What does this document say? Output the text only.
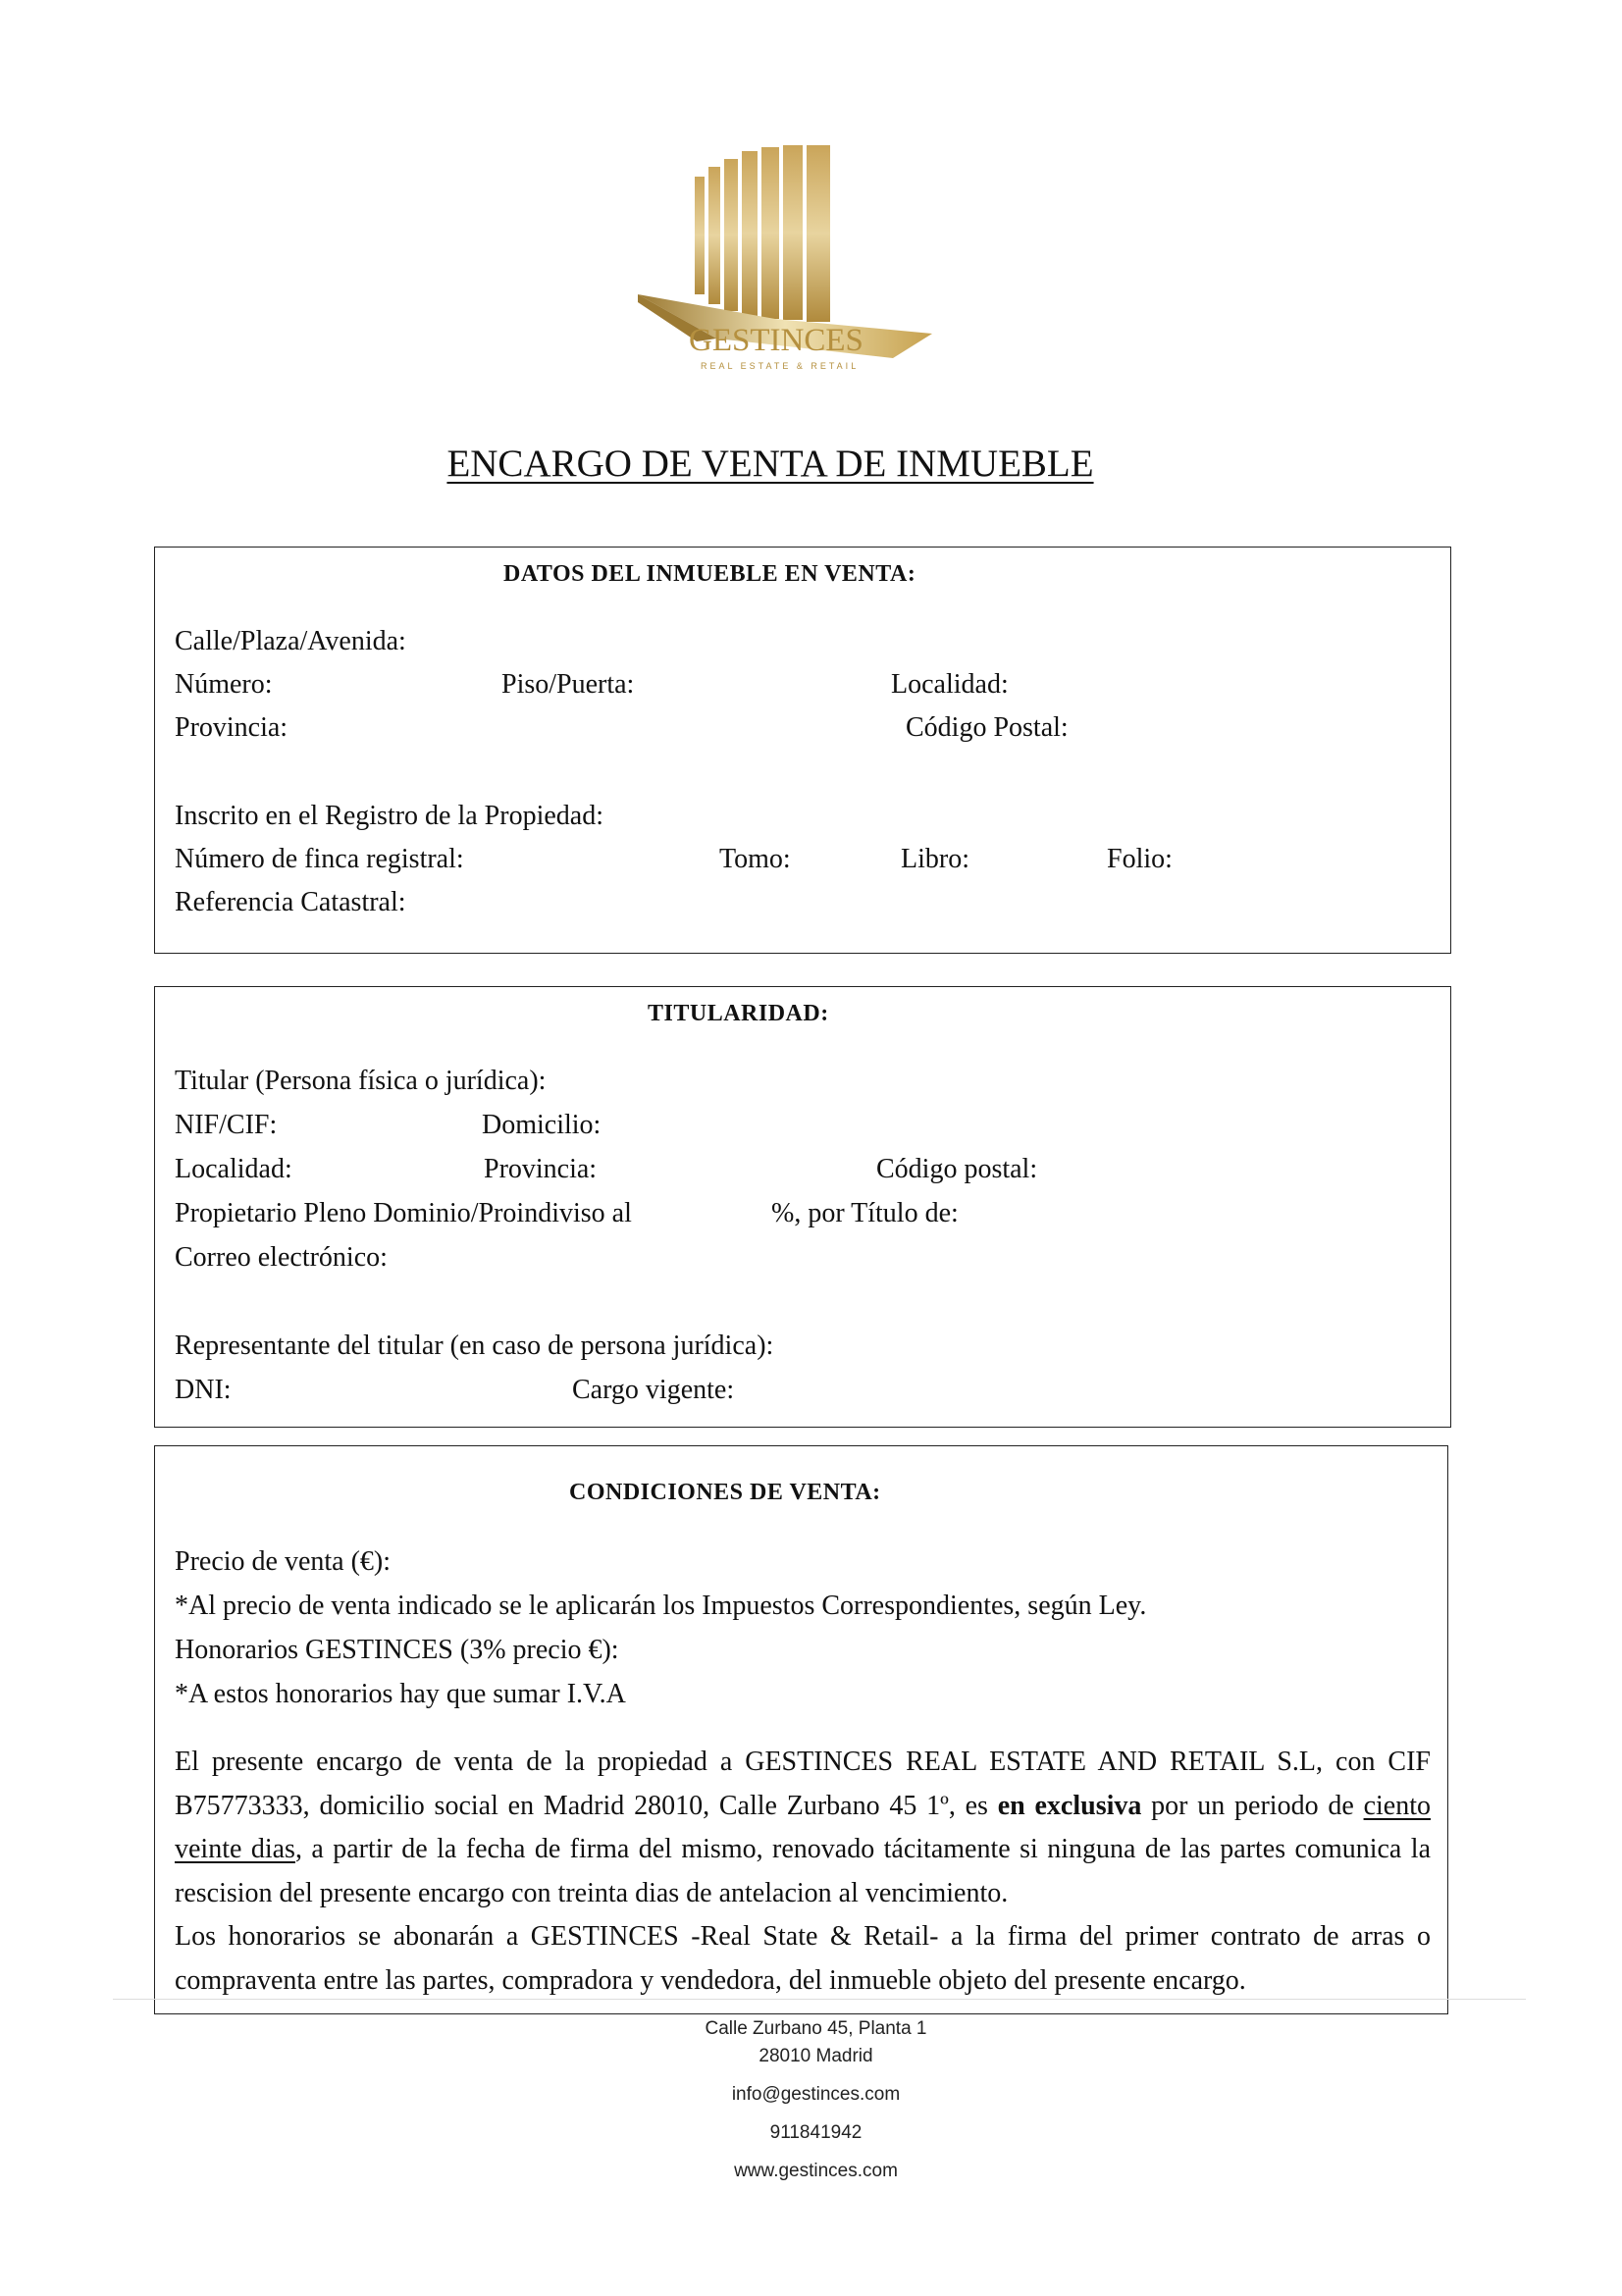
GESTINCES
REAL ESTATE & RETAIL
ENCARGO DE VENTA DE INMUEBLE
DATOS DEL INMUEBLE EN VENTA:
Calle/Plaza/Avenida:
Número:	Piso/Puerta:	Localidad:
Provincia:	Código Postal:
Inscrito en el Registro de la Propiedad:
Número de finca registral:	Tomo:	Libro:	Folio:
Referencia Catastral:
TITULARIDAD:
Titular (Persona física o jurídica):
NIF/CIF:	Domicilio:
Localidad:	Provincia:	Código postal:
Propietario Pleno Dominio/Proindiviso al	%, por Título de:
Correo electrónico:
Representante del titular (en caso de persona jurídica):
DNI:	Cargo vigente:
CONDICIONES DE VENTA:
Precio de venta (€):
*Al precio de venta indicado se le aplicarán los Impuestos Correspondientes, según Ley.
Honorarios GESTINCES (3% precio €):
*A estos honorarios hay que sumar I.V.A
El presente encargo de venta de la propiedad a GESTINCES REAL ESTATE AND RETAIL S.L, con CIF B75773333, domicilio social en Madrid 28010, Calle Zurbano 45 1º, es en exclusiva por un periodo de ciento veinte dias, a partir de la fecha de firma del mismo, renovado tácitamente si ninguna de las partes comunica la rescision del presente encargo con treinta dias de antelacion al vencimiento.
Los honorarios se abonarán a GESTINCES -Real State & Retail- a la firma del primer contrato de arras o compraventa entre las partes, compradora y vendedora, del inmueble objeto del presente encargo.
Calle Zurbano 45, Planta 1
28010 Madrid
info@gestinces.com
911841942
www.gestinces.com
